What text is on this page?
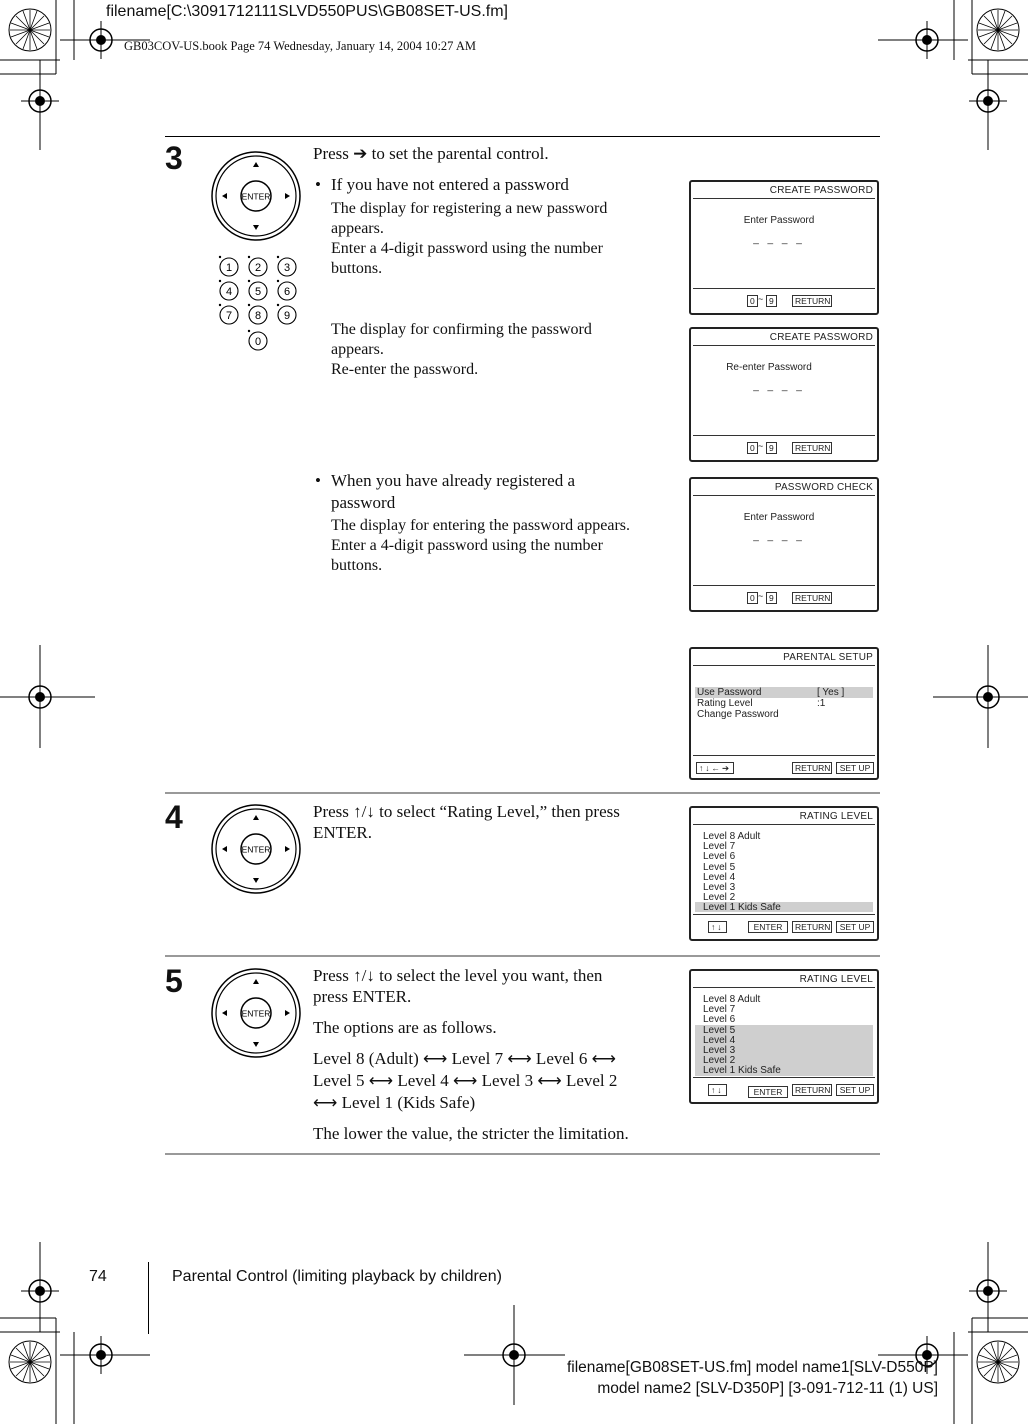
filename[C:\3091712111SLVD550PUS\GB08SET-US.fm]
GB03COV-US.book Page 74 Wednesday, January 14, 2004 10:27 AM
3
ENTER
1 2 3
4 5 6
7 8 9
0

Press ➔ to set the parental control.

• If you have not entered a password

The display for registering a new password
appears.
Enter a 4-digit password using the number
buttons.
The display for confirming the password
appears.
Re-enter the password.

• When you have already registered a
password

The display for entering the password appears.
Enter a 4-digit password using the number
buttons.
CREATE PASSWORD
Enter Password
_ _ _ _
0 ~ 9	RETURN
CREATE PASSWORD
Re-enter Password
_ _ _ _
0 ~ 9	RETURN
PASSWORD CHECK
Enter Password
_ _ _ _
0 ~ 9	RETURN
PARENTAL SETUP
Use Password	[ Yes ]
Rating Level	:1
Change Password
↑↓←➔	RETURN	SET UP
4
ENTER
Press ↑/↓ to select “Rating Level,” then press
ENTER.
RATING LEVEL
Level 8 Adult
Level 7
Level 6
Level 5
Level 4
Level 3
Level 2
Level 1 Kids Safe
↑↓	ENTER	RETURN	SET UP
5
ENTER
Press ↑/↓ to select the level you want, then
press ENTER.
The options are as follows.
Level 8 (Adult) ⟷ Level 7 ⟷ Level 6 ⟷
Level 5 ⟷ Level 4 ⟷ Level 3 ⟷ Level 2
⟷ Level 1 (Kids Safe)
The lower the value, the stricter the limitation.
RATING LEVEL
Level 8 Adult
Level 7
Level 6
Level 5
Level 4
Level 3
Level 2
Level 1 Kids Safe
↑↓	ENTER	RETURN	SET UP
74	Parental Control (limiting playback by children)
filename[GB08SET-US.fm] model name1[SLV-D550P]
model name2 [SLV-D350P] [3-091-712-11 (1) US]
